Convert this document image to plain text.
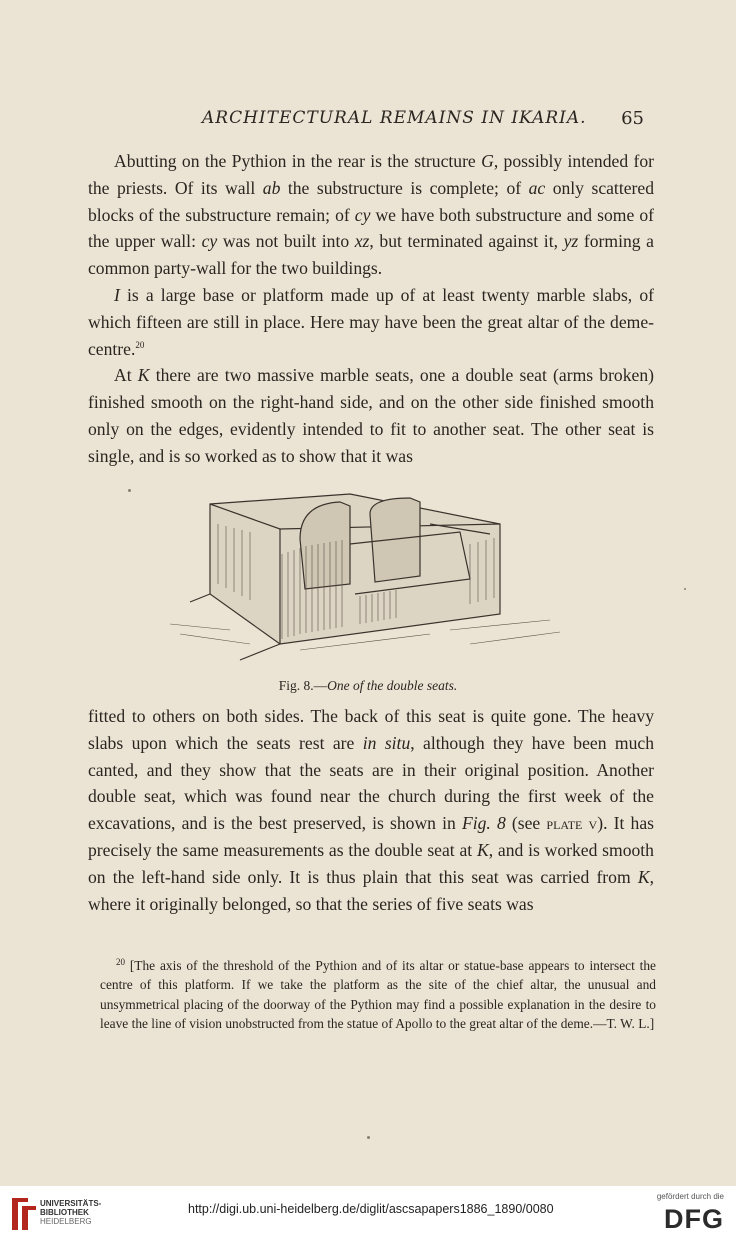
ARCHITECTURAL REMAINS IN IKARIA. 65

Abutting on the Pythion in the rear is the structure G, possibly intended for the priests. Of its wall ab the substructure is complete; of ac only scattered blocks of the substructure remain; of cy we have both substructure and some of the upper wall: cy was not built into xz, but terminated against it, yz forming a common party-wall for the two buildings.

I is a large base or platform made up of at least twenty marble slabs, of which fifteen are still in place. Here may have been the great altar of the deme-centre.$^{20}$

At K there are two massive marble seats, one a double seat (arms broken) finished smooth on the right-hand side, and on the other side finished smooth only on the edges, evidently intended to fit to another seat. The other seat is single, and is so worked as to show that it was

Fig. 8.—One of the double seats.

fitted to others on both sides. The back of this seat is quite gone. The heavy slabs upon which the seats rest are in situ, although they have been much canted, and they show that the seats are in their original position. Another double seat, which was found near the church during the first week of the excavations, and is the best preserved, is shown in Fig. 8 (see plate v). It has precisely the same measurements as the double seat at K, and is worked smooth on the left-hand side only. It is thus plain that this seat was carried from K, where it originally belonged, so that the series of five seats was

$^{20}$ [The axis of the threshold of the Pythion and of its altar or statue-base appears to intersect the centre of this platform. If we take the platform as the site of the chief altar, the unusual and unsymmetrical placing of the doorway of the Pythion may find a possible explanation in the desire to leave the line of vision unobstructed from the statue of Apollo to the great altar of the deme.—T. W. L.]

UNIVERSITÄTS-
BIBLIOTHEK
HEIDELBERG
http://digi.ub.uni-heidelberg.de/diglit/ascsapapers1886_1890/0080
gefördert durch die
DFG
